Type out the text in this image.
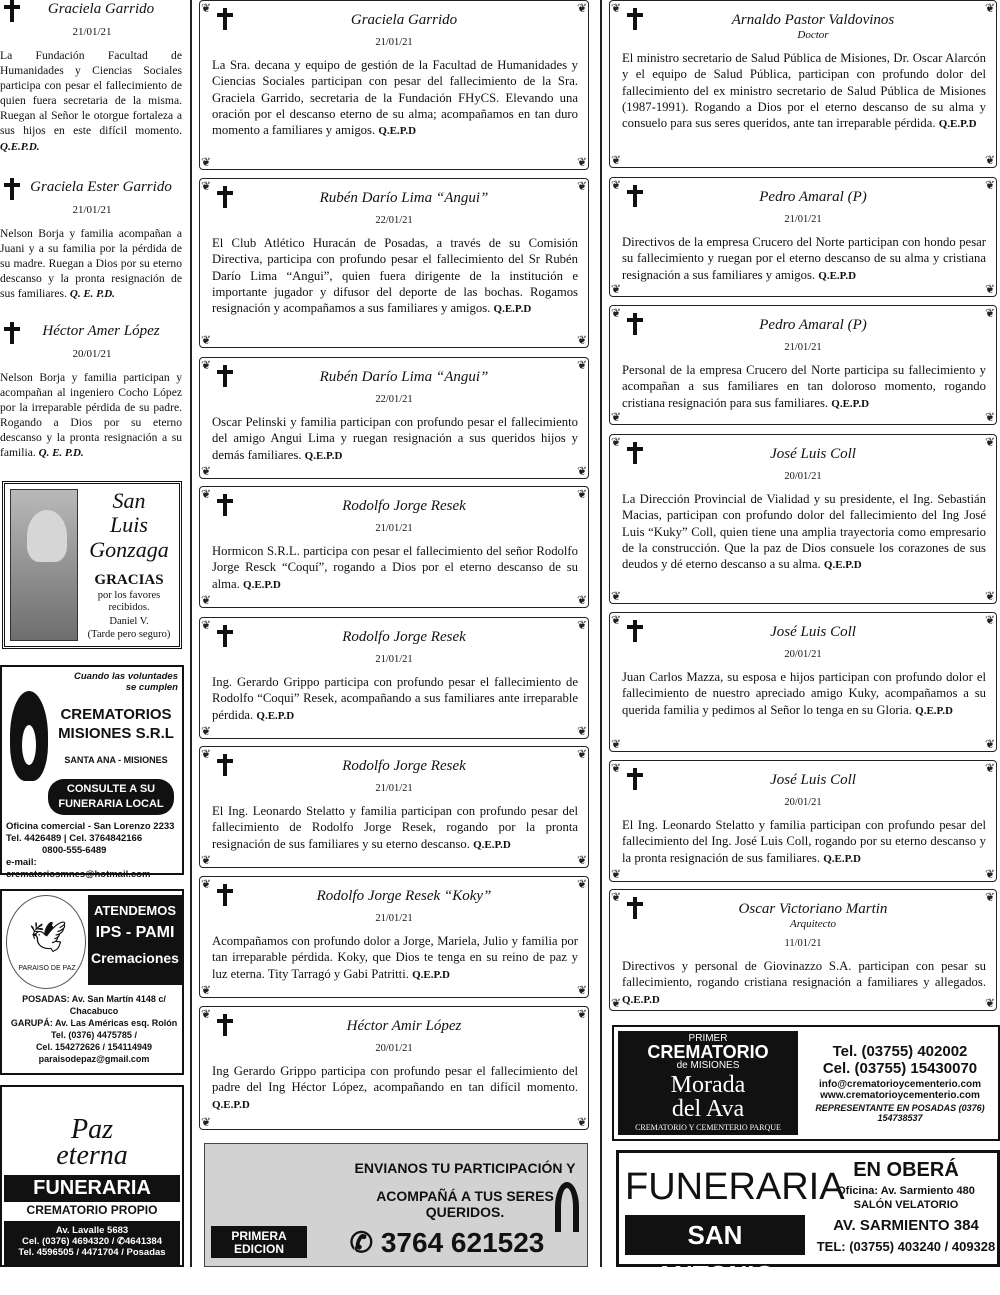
Graciela Garrido
21/01/21

La Fundación Facultad de Humanidades y Ciencias Sociales participa con pesar el fallecimiento de quien fuera secretaria de la misma. Ruegan al Señor le otorgue fortaleza a sus hijos en este difícil momento. Q.E.P.D.

Graciela Ester Garrido
21/01/21

Nelson Borja y familia acompañan a Juani y a su familia por la pérdida de su madre. Ruegan a Dios por su eterno descanso y la pronta resignación de sus familiares. Q. E. P.D.

Héctor Amer López
20/01/21

Nelson Borja y familia participan y acompañan al ingeniero Cocho López por la irreparable pérdida de su padre. Rogando a Dios por su eterno descanso y la pronta resignación a su familia. Q. E. P.D.

San
Luis
Gonzaga
GRACIAS
por los favores recibidos.
Daniel V.
(Tarde pero seguro)
Cuando las voluntades
se cumplen
CREMATORIOS
MISIONES S.R.L
SANTA ANA - MISIONES
CONSULTE A SU
FUNERARIA LOCAL
Oficina comercial - San Lorenzo 2233
Tel. 4426489 | Cel. 3764842166
0800-555-6489
e-mail: crematoriosmnes@hotmail.com
🕊
PARAISO DE PAZ
ATENDEMOS
IPS - PAMI
Cremaciones
POSADAS: Av. San Martín 4148 c/ Chacabuco
GARUPÁ: Av. Las Américas esq. Rolón
Tel. (0376) 4475785 /
Cel. 154272626 / 154114949
paraisodepaz@gmail.com
Paz
eterna
FUNERARIA
CREMATORIO PROPIO
Av. Lavalle 5683
Cel. (0376) 4694320 / ✆4641384
Tel. 4596505 / 4471704 / Posadas
❦	❦
❦	❦
Graciela Garrido
21/01/21

La Sra. decana y equipo de gestión de la Facultad de Humanidades y Ciencias Sociales participan con pesar del fallecimiento de la Sra. Graciela Garrido, secretaria de la Fundación FHyCS. Elevando una oración por el descanso eterno de su alma; acompañamos en tan duro momento a familiares y amigos. Q.E.P.D

❦	❦
❦	❦
Rubén Darío Lima “Angui”
22/01/21

El Club Atlético Huracán de Posadas, a través de su Comisión Directiva, participa con profundo pesar el fallecimiento del Sr Rubén Darío Lima “Angui”, quien fuera dirigente de la institución e importante jugador y difusor del deporte de las bochas. Rogamos resignación y acompañamos a sus familiares y amigos. Q.E.P.D

❦	❦
❦	❦
Rubén Darío Lima “Angui”
22/01/21

Oscar Pelinski y familia participan con profundo pesar el fallecimiento del amigo Angui Lima y ruegan resignación a sus queridos hijos y demás familiares. Q.E.P.D

❦	❦
❦	❦
Rodolfo Jorge Resek
21/01/21

Hormicon S.R.L. participa con pesar el fallecimiento del señor Rodolfo Jorge Resck “Coquí”, rogando a Dios por el eterno descanso de su alma. Q.E.P.D

❦	❦
❦	❦
Rodolfo Jorge Resek
21/01/21

Ing. Gerardo Grippo participa con profundo pesar el fallecimiento de Rodolfo “Coqui” Resek, acompañando a sus familiares ante irreparable pérdida. Q.E.P.D

❦	❦
❦	❦
Rodolfo Jorge Resek
21/01/21

El Ing. Leonardo Stelatto y familia participan con profundo pesar del fallecimiento de Rodolfo Jorge Resek, rogando por la pronta resignación de sus familiares y su eterno descanso. Q.E.P.D

❦	❦
❦	❦
Rodolfo Jorge Resek “Koky”
21/01/21

Acompañamos con profundo dolor a Jorge, Mariela, Julio y familia por tan irreparable pérdida. Koky, que Dios te tenga en su reino de paz y luz eterna. Tity Tarragó y Gabi Patritti. Q.E.P.D

❦	❦
❦	❦
Héctor Amir López
20/01/21

Ing Gerardo Grippo participa con profundo pesar el fallecimiento del padre del Ing Héctor López, acompañando en tan difícil momento. Q.E.P.D

PRIMERA
EDICION
ENVIANOS TU PARTICIPACIÓN Y
ACOMPAÑÁ A TUS SERES QUERIDOS.
✆ 3764 621523
❦	❦
❦	❦
Arnaldo Pastor Valdovinos
Doctor

El ministro secretario de Salud Pública de Misiones, Dr. Oscar Alarcón y el equipo de Salud Pública, participan con profundo dolor del fallecimiento del ex ministro secretario de Salud Pública de Misiones (1987-1991). Rogando a Dios por el eterno descanso de su alma y consuelo para sus seres queridos, ante tan irreparable pérdida. Q.E.P.D

❦	❦
❦	❦
Pedro Amaral (P)
21/01/21

Directivos de la empresa Crucero del Norte participan con hondo pesar su fallecimiento y ruegan por el eterno descanso de su alma y cristiana resignación a sus familiares y amigos. Q.E.P.D

❦	❦
❦	❦
Pedro Amaral (P)
21/01/21

Personal de la empresa Crucero del Norte participa su fallecimiento y acompañan a sus familiares en tan doloroso momento, rogando cristiana resignación para sus familiares. Q.E.P.D

❦	❦
❦	❦
José Luis Coll
20/01/21

La Dirección Provincial de Vialidad y su presidente, el Ing. Sebastián Macias, participan con profundo dolor del fallecimiento del Ing José Luis “Kuky” Coll, quien tiene una amplia trayectoria como empresario de la construcción. Que la paz de Dios consuele los corazones de sus deudos y dé eterno descanso a su alma. Q.E.P.D

❦	❦
❦	❦
José Luis Coll
20/01/21

Juan Carlos Mazza, su esposa e hijos participan con profundo dolor el fallecimiento de nuestro apreciado amigo Kuky, acompañamos a su querida familia y pedimos al Señor lo tenga en su Gloria. Q.E.P.D

❦	❦
❦	❦
José Luis Coll
20/01/21

El Ing. Leonardo Stelatto y familia participan con profundo pesar del fallecimiento del Ing. José Luis Coll, rogando por su eterno descanso y la pronta resignación de sus familiares. Q.E.P.D

❦	❦
❦	❦
Oscar Victoriano Martin
Arquitecto
11/01/21

Directivos y personal de Giovinazzo S.A. participan con pesar su fallecimiento, rogando cristiana resignación a familiares y allegados. Q.E.P.D

PRIMER
CREMATORIO
de MISIONES
Morada
del Ava
CREMATORIO Y CEMENTERIO PARQUE
Tel. (03755) 402002
Cel. (03755) 15430070
info@crematorioycementerio.com
www.crematorioycementerio.com
REPRESENTANTE EN POSADAS (0376) 154738537
FUNERARIA
SAN ANTONIO
EN OBERÁ
Oficina: Av. Sarmiento 480
SALÓN VELATORIO
AV. SARMIENTO 384
TEL: (03755) 403240 / 409328
